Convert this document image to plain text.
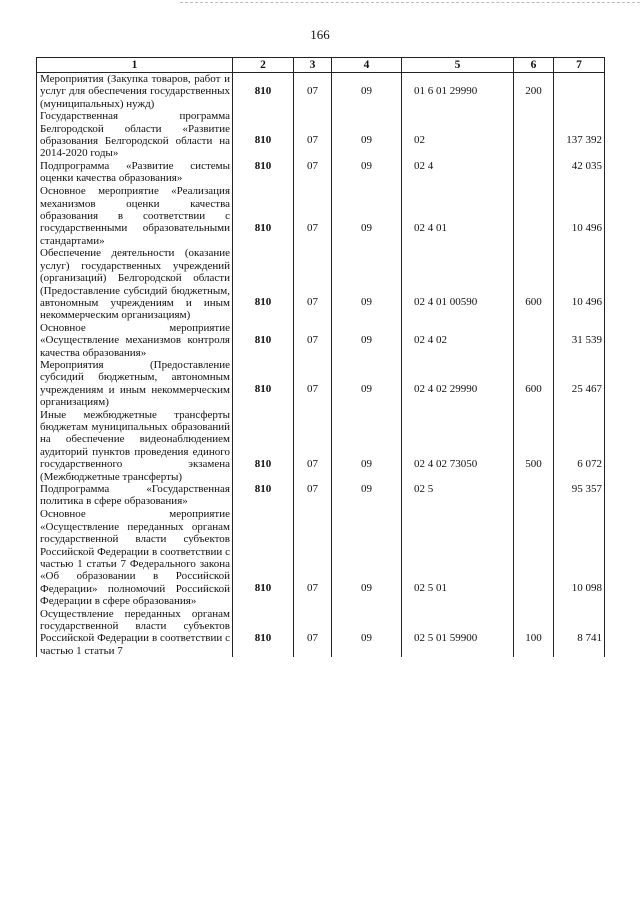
166
1	2	3	4	5	6	7
Мероприятия (Закупка товаров, работ и услуг для обеспечения государственных (муниципальных) нужд)	810	07	09	01 6 01 29990	200	
Государственная программа Белгородской области «Развитие образования Белгородской области на 2014-2020 годы»	810	07	09	02		137 392
Подпрограмма «Развитие системы оценки качества образования»	810	07	09	02 4		42 035
Основное мероприятие «Реализация механизмов оценки качества образования в соответствии с государственными образовательными стандартами»	810	07	09	02 4 01		10 496
Обеспечение деятельности (оказание услуг) государственных учреждений (организаций) Белгородской области (Предоставление субсидий бюджетным, автономным учреждениям и иным некоммерческим организациям)	810	07	09	02 4 01 00590	600	10 496
Основное мероприятие «Осуществление механизмов контроля качества образования»	810	07	09	02 4 02		31 539
Мероприятия (Предоставление субсидий бюджетным, автономным учреждениям и иным некоммерческим организациям)	810	07	09	02 4 02 29990	600	25 467
Иные межбюджетные трансферты бюджетам муниципальных образований на обеспечение видеонаблюдением аудиторий пунктов проведения единого государственного экзамена (Межбюджетные трансферты)	810	07	09	02 4 02 73050	500	6 072
Подпрограмма «Государственная политика в сфере образования»	810	07	09	02 5		95 357
Основное мероприятие «Осуществление переданных органам государственной власти субъектов Российской Федерации в соответствии с частью 1 статьи 7 Федерального закона «Об образовании в Российской Федерации» полномочий Российской Федерации в сфере образования»	810	07	09	02 5 01		10 098
Осуществление переданных органам государственной власти субъектов Российской Федерации в соответствии с частью 1 статьи 7	810	07	09	02 5 01 59900	100	8 741
